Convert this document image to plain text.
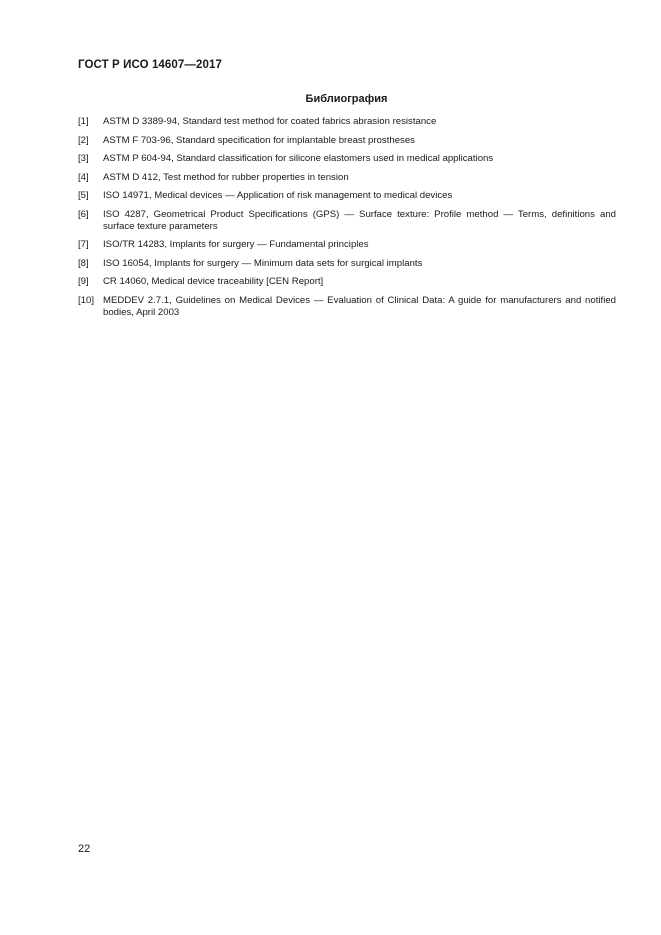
ГОСТ Р ИСО 14607—2017
Библиография
[1]	ASTM D 3389-94, Standard test method for coated fabrics abrasion resistance
[2]	ASTM F 703-96, Standard specification for implantable breast prostheses
[3]	ASTM P 604-94, Standard classification for silicone elastomers used in medical applications
[4]	ASTM D 412, Test method for rubber properties in tension
[5]	ISO 14971, Medical devices — Application of risk management to medical devices
[6]	ISO 4287, Geometrical Product Specifications (GPS) — Surface texture: Profile method — Terms, definitions and surface texture parameters
[7]	ISO/TR 14283, Implants for surgery — Fundamental principles
[8]	ISO 16054, Implants for surgery — Minimum data sets for surgical implants
[9]	CR 14060, Medical device traceability [CEN Report]
[10] MEDDEV 2.7.1, Guidelines on Medical Devices — Evaluation of Clinical Data: A guide for manufacturers and notified bodies, April 2003
22
